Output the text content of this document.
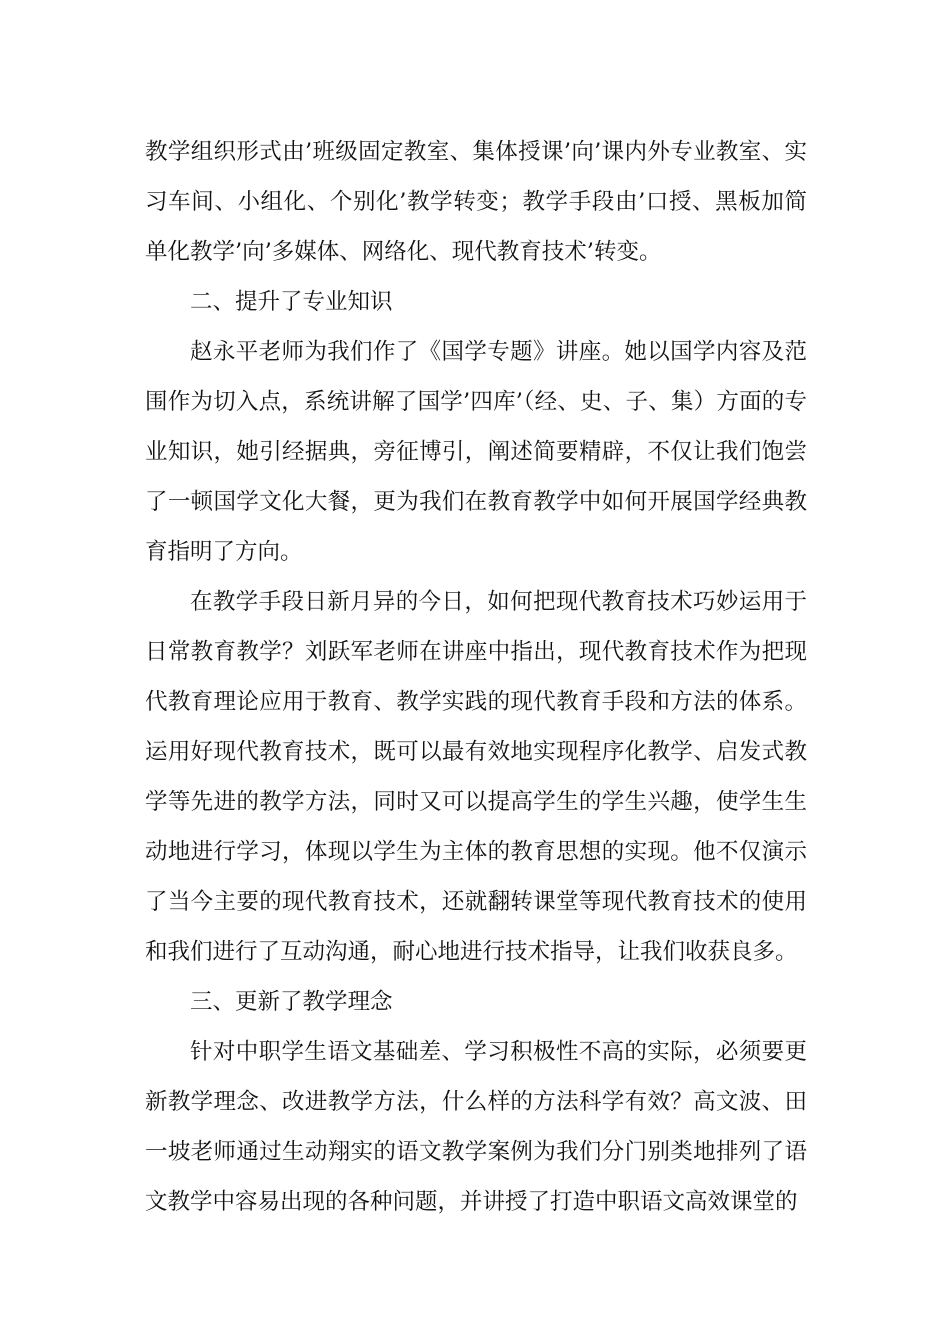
教学组织形式由’班级固定教室、集体授课’向’课内外专业教室、实习车间、小组化、个别化’教学转变；教学手段由’口授、黑板加简单化教学’向’多媒体、网络化、现代教育技术’转变。

二、提升了专业知识

赵永平老师为我们作了《国学专题》讲座。她以国学内容及范围作为切入点，系统讲解了国学’四库’（经、史、子、集）方面的专业知识，她引经据典，旁征博引，阐述简要精辟，不仅让我们饱尝了一顿国学文化大餐，更为我们在教育教学中如何开展国学经典教育指明了方向。

在教学手段日新月异的今日，如何把现代教育技术巧妙运用于日常教育教学？刘跃军老师在讲座中指出，现代教育技术作为把现代教育理论应用于教育、教学实践的现代教育手段和方法的体系。运用好现代教育技术，既可以最有效地实现程序化教学、启发式教学等先进的教学方法，同时又可以提高学生的学生兴趣，使学生生动地进行学习，体现以学生为主体的教育思想的实现。他不仅演示了当今主要的现代教育技术，还就翻转课堂等现代教育技术的使用和我们进行了互动沟通，耐心地进行技术指导，让我们收获良多。

三、更新了教学理念

针对中职学生语文基础差、学习积极性不高的实际，必须要更新教学理念、改进教学方法，什么样的方法科学有效？高文波、田一坡老师通过生动翔实的语文教学案例为我们分门别类地排列了语文教学中容易出现的各种问题，并讲授了打造中职语文高效课堂的
